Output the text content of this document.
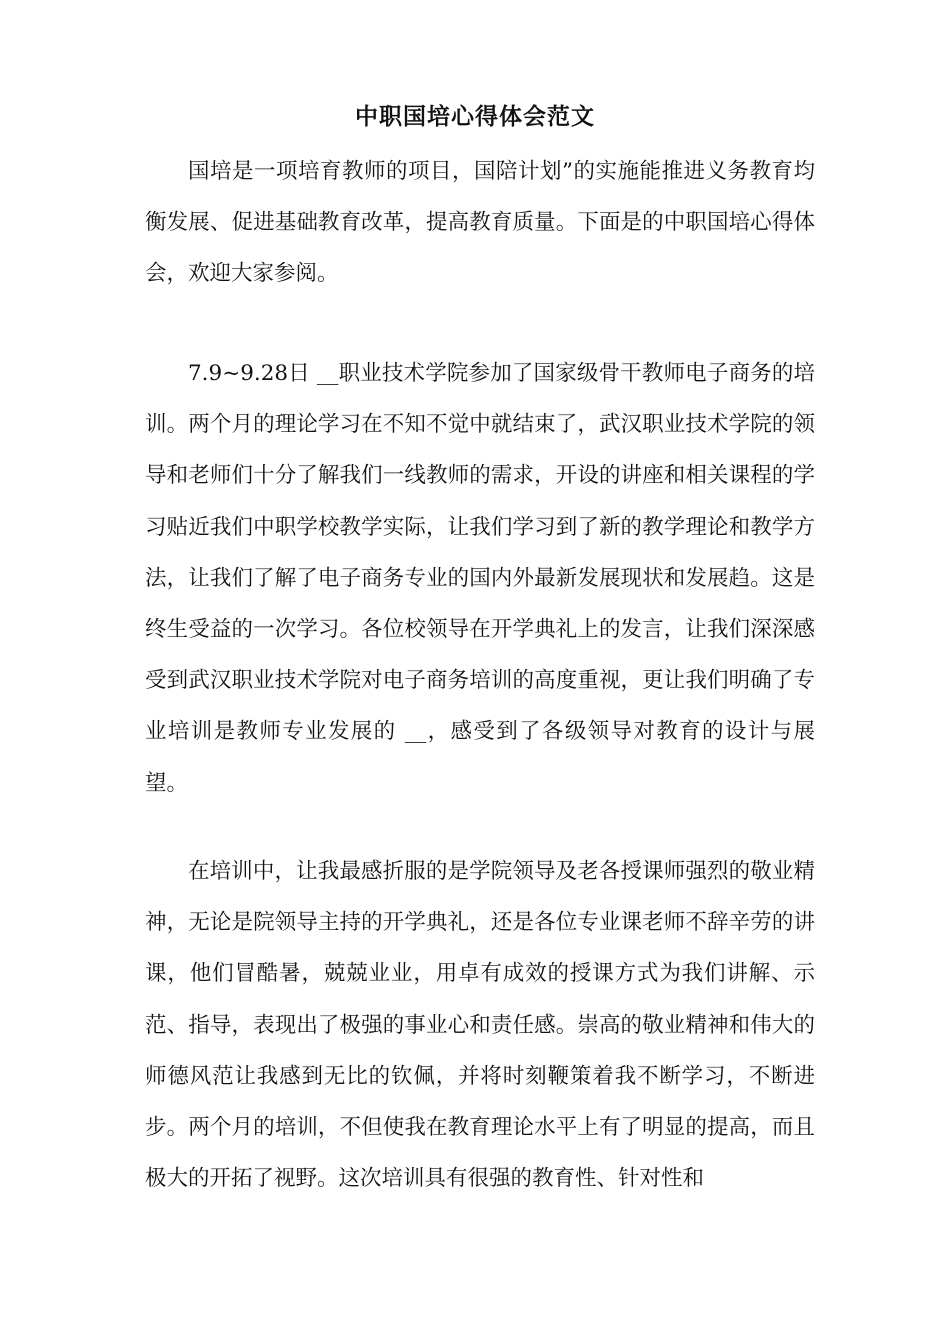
中职国培心得体会范文

国培是一项培育教师的项目，国陪计划”的实施能推进义务教育均衡发展、促进基础教育改革，提高教育质量。下面是的中职国培心得体会，欢迎大家参阅。

7.9~9.28日 __职业技术学院参加了国家级骨干教师电子商务的培训。两个月的理论学习在不知不觉中就结束了，武汉职业技术学院的领导和老师们十分了解我们一线教师的需求，开设的讲座和相关课程的学习贴近我们中职学校教学实际，让我们学习到了新的教学理论和教学方法，让我们了解了电子商务专业的国内外最新发展现状和发展趋。这是终生受益的一次学习。各位校领导在开学典礼上的发言，让我们深深感受到武汉职业技术学院对电子商务培训的高度重视，更让我们明确了专业培训是教师专业发展的 __，感受到了各级领导对教育的设计与展望。

在培训中，让我最感折服的是学院领导及老各授课师强烈的敬业精神，无论是院领导主持的开学典礼，还是各位专业课老师不辞辛劳的讲课，他们冒酷暑，兢兢业业，用卓有成效的授课方式为我们讲解、示范、指导，表现出了极强的事业心和责任感。崇高的敬业精神和伟大的师德风范让我感到无比的钦佩，并将时刻鞭策着我不断学习，不断进步。两个月的培训，不但使我在教育理论水平上有了明显的提高，而且极大的开拓了视野。这次培训具有很强的教育性、针对性和
